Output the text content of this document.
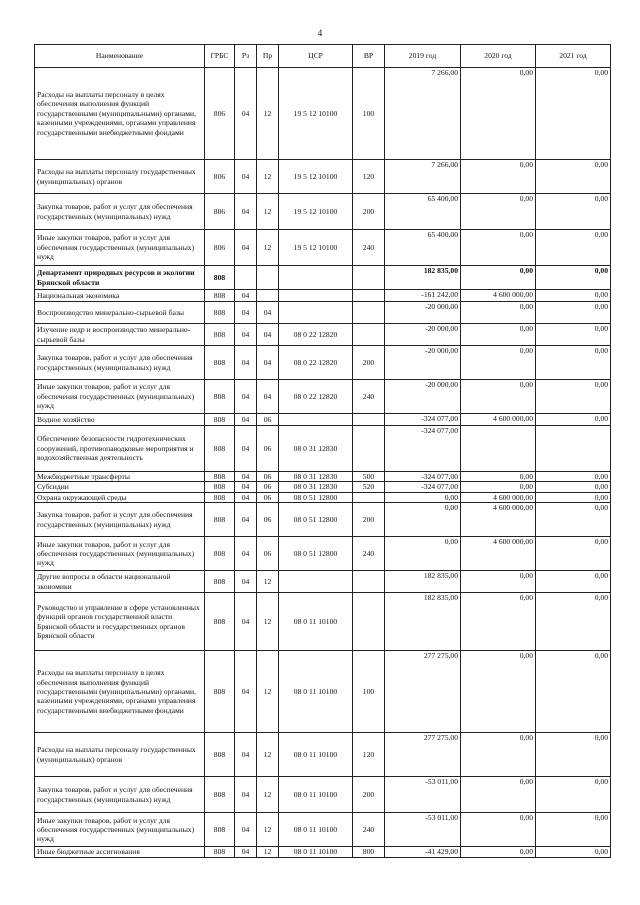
4
Наименование	ГРБС	Рз	Пр	ЦСР	ВР	2019 год	2020 год	2021 год
Расходы на выплаты персоналу в целях обеспечения выполнения функций государственными (муниципальными) органами, казенными учреждениями, органами управления государственными внебюджетными фондами	806	04	12	19 5 12 10100	100	7 266,00	0,00	0,00
Расходы на выплаты персоналу государственных (муниципальных) органов	806	04	12	19 5 12 10100	120	7 266,00	0,00	0,00
Закупка товаров, работ и услуг для обеспечения государственных (муниципальных) нужд	806	04	12	19 5 12 10100	200	65 400,00	0,00	0,00
Иные закупки товаров, работ и услуг для обеспечения государственных (муниципальных) нужд	806	04	12	19 5 12 10100	240	65 400,00	0,00	0,00
Департамент природных ресурсов и экологии Брянской области	808					182 835,00	0,00	0,00
Национальная экономика	808	04				-161 242,00	4 600 000,00	0,00
Воспроизводство минерально-сырьевой базы	808	04	04			-20 000,00	0,00	0,00
Изучение недр и воспроизводство минерально-сырьевой базы	808	04	04	08 0 22 12820		-20 000,00	0,00	0,00
Закупка товаров, работ и услуг для обеспечения государственных (муниципальных) нужд	808	04	04	08 0 22 12820	200	-20 000,00	0,00	0,00
Иные закупки товаров, работ и услуг для обеспечения государственных (муниципальных) нужд	808	04	04	08 0 22 12820	240	-20 000,00	0,00	0,00
Водное хозяйство	808	04	06			-324 077,00	4 600 000,00	0,00
Обеспечение безопасности гидротехнических сооружений, противопаводковые мероприятия и водохозяйственная деятельность	808	04	06	08 0 31 12830		-324 077,00		
Межбюджетные трансферты	808	04	06	08 0 31 12830	500	-324 077,00	0,00	0,00
Субсидии	808	04	06	08 0 31 12830	520	-324 077,00	0,00	0,00
Охрана окружающей среды	808	04	06	08 0 51 12800		0,00	4 600 000,00	0,00
Закупка товаров, работ и услуг для обеспечения государственных (муниципальных) нужд	808	04	06	08 0 51 12800	200	0,00	4 600 000,00	0,00
Иные закупки товаров, работ и услуг для обеспечения государственных (муниципальных) нужд	808	04	06	08 0 51 12800	240	0,00	4 600 000,00	0,00
Другие вопросы в области национальной экономики	808	04	12			182 835,00	0,00	0,00
Руководство и управление в сфере установленных функций органов государственной власти Брянской области и государственных органов Брянской области	808	04	12	08 0 11 10100		182 835,00	0,00	0,00
Расходы на выплаты персоналу в целях обеспечения выполнения функций государственными (муниципальными) органами, казенными учреждениями, органами управления государственными внебюджетными фондами	808	04	12	08 0 11 10100	100	277 275,00	0,00	0,00
Расходы на выплаты персоналу государственных (муниципальных) органов	808	04	12	08 0 11 10100	120	277 275,00	0,00	0,00
Закупка товаров, работ и услуг для обеспечения государственных (муниципальных) нужд	808	04	12	08 0 11 10100	200	-53 011,00	0,00	0,00
Иные закупки товаров, работ и услуг для обеспечения государственных (муниципальных) нужд	808	04	12	08 0 11 10100	240	-53 011,00	0,00	0,00
Иные бюджетные ассигнования	808	04	12	08 0 11 10100	800	-41 429,00	0,00	0,00
